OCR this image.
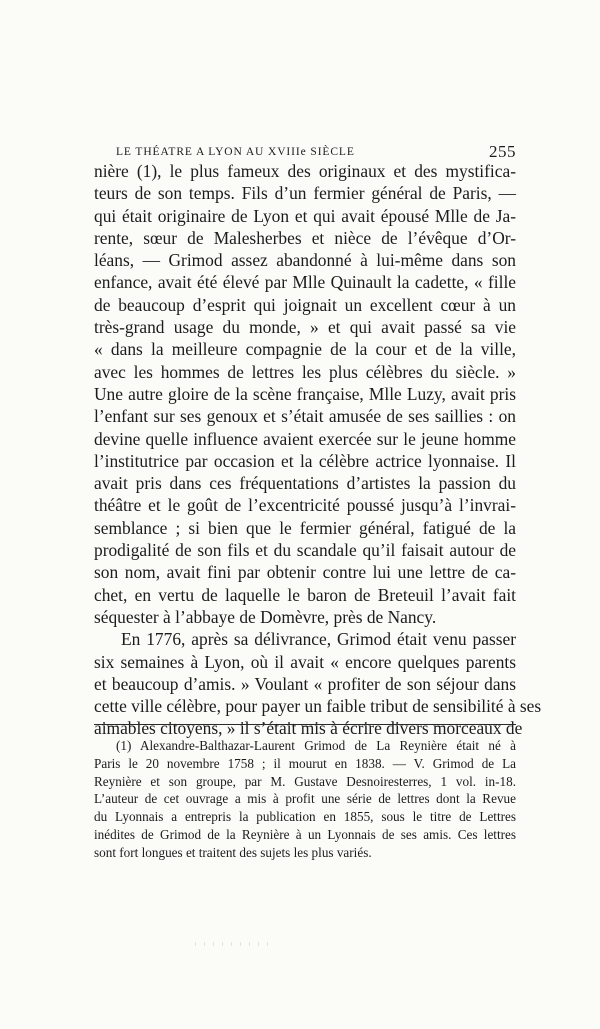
LE THÉATRE A LYON AU XVIIIe SIÈCLE	255
nière (1), le plus fameux des originaux et des mystifica-
teurs de son temps. Fils d’un fermier général de Paris, —
qui était originaire de Lyon et qui avait épousé Mlle de Ja-
rente, sœur de Malesherbes et nièce de l’évêque d’Or-
léans, — Grimod assez abandonné à lui-même dans son
enfance, avait été élevé par Mlle Quinault la cadette, « fille
de beaucoup d’esprit qui joignait un excellent cœur à un
très-grand usage du monde, » et qui avait passé sa vie
« dans la meilleure compagnie de la cour et de la ville,
avec les hommes de lettres les plus célèbres du siècle. »
Une autre gloire de la scène française, Mlle Luzy, avait pris
l’enfant sur ses genoux et s’était amusée de ses saillies : on
devine quelle influence avaient exercée sur le jeune homme
l’institutrice par occasion et la célèbre actrice lyonnaise. Il
avait pris dans ces fréquentations d’artistes la passion du
théâtre et le goût de l’excentricité poussé jusqu’à l’invrai-
semblance ; si bien que le fermier général, fatigué de la
prodigalité de son fils et du scandale qu’il faisait autour de
son nom, avait fini par obtenir contre lui une lettre de ca-
chet, en vertu de laquelle le baron de Breteuil l’avait fait
séquester à l’abbaye de Domèvre, près de Nancy.
En 1776, après sa délivrance, Grimod était venu passer
six semaines à Lyon, où il avait « encore quelques parents
et beaucoup d’amis. » Voulant « profiter de son séjour dans
cette ville célèbre, pour payer un faible tribut de sensibilité à ses
aimables citoyens, » il s’était mis à écrire divers morceaux de
(1) Alexandre-Balthazar-Laurent Grimod de La Reynière était né à
Paris le 20 novembre 1758 ; il mourut en 1838. — V. Grimod de La
Reynière et son groupe, par M. Gustave Desnoiresterres, 1 vol. in-18.
L’auteur de cet ouvrage a mis à profit une série de lettres dont la Revue
du Lyonnais a entrepris la publication en 1855, sous le titre de Lettres
inédites de Grimod de la Reynière à un Lyonnais de ses amis. Ces lettres
sont fort longues et traitent des sujets les plus variés.
